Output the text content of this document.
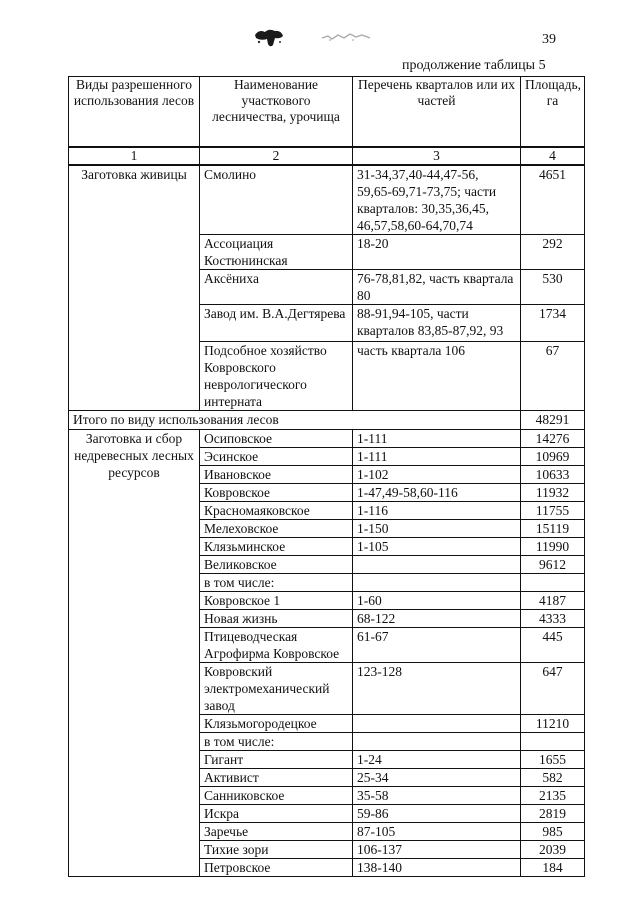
39
продолжение таблицы 5
Виды разрешенного использования лесов	Наименование участкового лесничества, урочища	Перечень кварталов или их частей	Площадь, га
1	2	3	4
Заготовка живицы	Смолино	31-34,37,40-44,47-56, 59,65-69,71-73,75; части кварталов: 30,35,36,45, 46,57,58,60-64,70,74	4651
	Ассоциация Костюнинская	18-20	292
	Аксёниха	76-78,81,82, часть квартала 80	530
	Завод им. В.А.Дегтярева	88-91,94-105, части кварталов 83,85-87,92, 93	1734
	Подсобное хозяйство Ковровского неврологического интерната	часть квартала 106	67
Итого по виду использования лесов			48291
Заготовка и сбор недревесных лесных ресурсов	Осиповское	1-111	14276
	Эсинское	1-111	10969
	Ивановское	1-102	10633
	Ковровское	1-47,49-58,60-116	11932
	Красномаяковское	1-116	11755
	Мелеховское	1-150	15119
	Клязьминское	1-105	11990
	Великовское		9612
	в том числе:		
	Ковровское 1	1-60	4187
	Новая жизнь	68-122	4333
	Птицеводческая Агрофирма Ковровское	61-67	445
	Ковровский электромеханический завод	123-128	647
	Клязьмогородецкое		11210
	в том числе:		
	Гигант	1-24	1655
	Активист	25-34	582
	Санниковское	35-58	2135
	Искра	59-86	2819
	Заречье	87-105	985
	Тихие зори	106-137	2039
	Петровское	138-140	184
